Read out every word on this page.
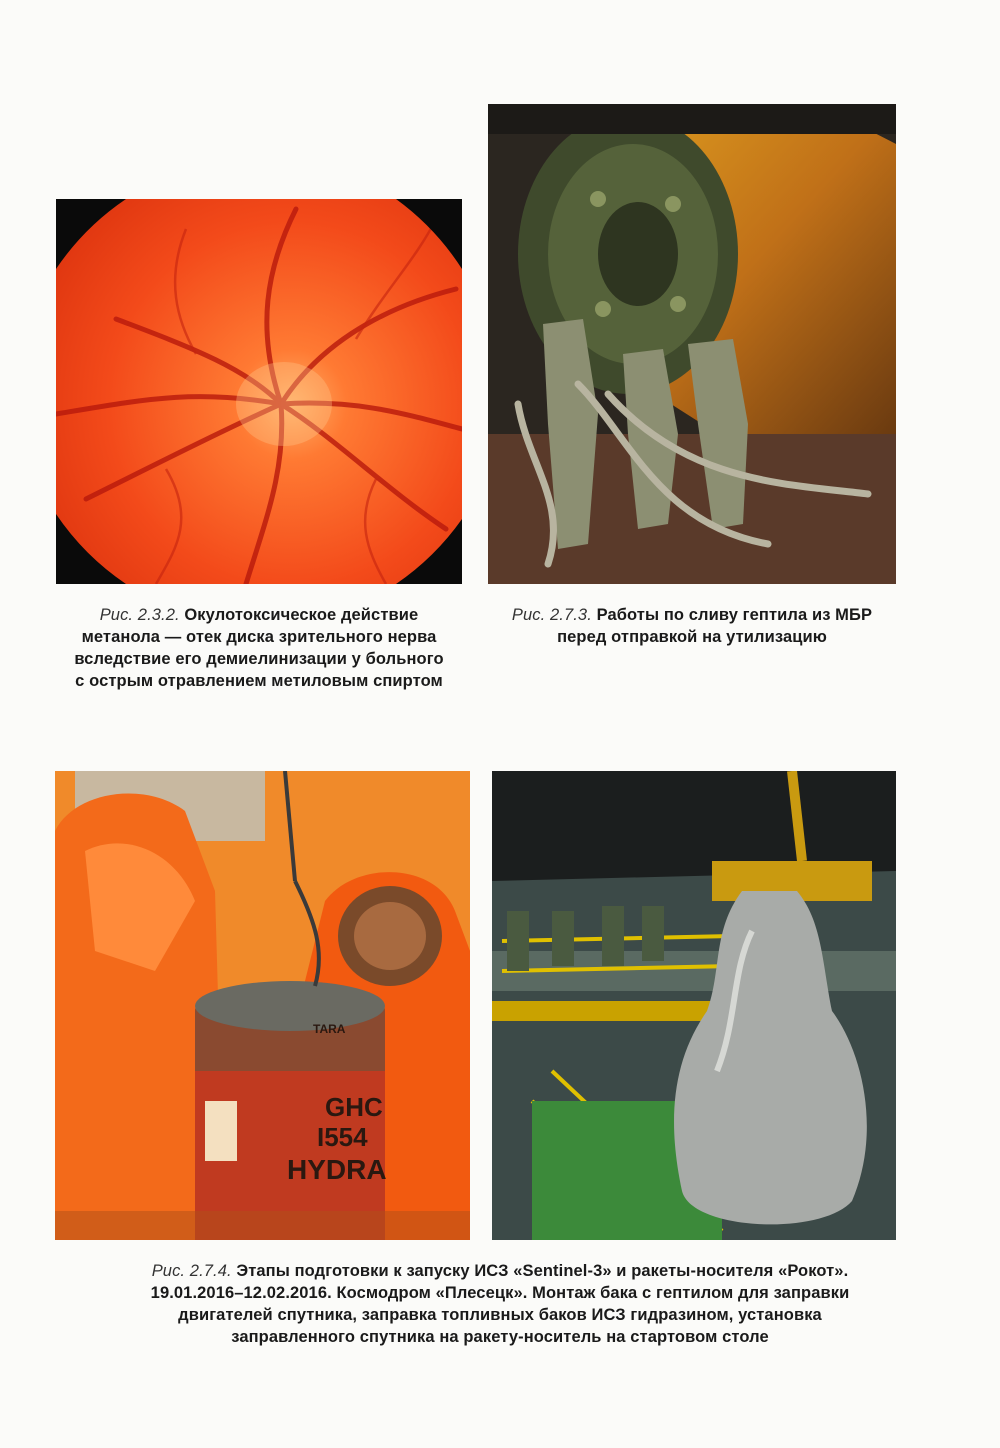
Рис. 2.3.2. Окулотоксическое действие
метанола — отек диска зрительного нерва
вследствие его демиелинизации у больного
с острым отравлением метиловым спиртом
Рис. 2.7.3. Работы по сливу гептила из МБР
перед отправкой на утилизацию
GHC
I554
HYDRA
TARA
Рис. 2.7.4. Этапы подготовки к запуску ИСЗ «Sentinel-3» и ракеты-носителя «Рокот».
19.01.2016–12.02.2016. Космодром «Плесецк». Монтаж бака с гептилом для заправки
двигателей спутника, заправка топливных баков ИСЗ гидразином, установка
заправленного спутника на ракету-носитель на стартовом столе
